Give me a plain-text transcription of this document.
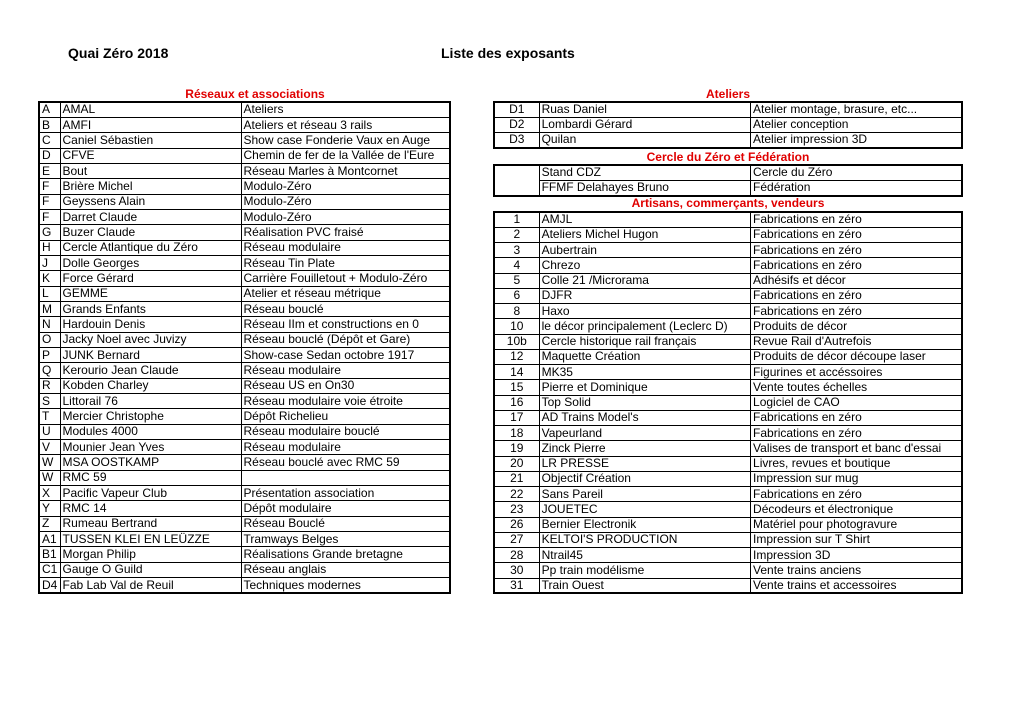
Quai Zéro 2018	Liste des exposants
Réseaux et associations
A	AMAL	Ateliers
B	AMFI	Ateliers et réseau 3 rails
C	Caniel Sébastien	Show case Fonderie Vaux en Auge
D	CFVE	Chemin de fer de la Vallée de l'Eure
E	Bout	Réseau Marles à Montcornet
F	Brière Michel	Modulo-Zéro
F	Geyssens Alain	Modulo-Zéro
F	Darret Claude	Modulo-Zéro
G	Buzer Claude	Réalisation PVC fraisé
H	Cercle Atlantique du Zéro	Réseau modulaire
J	Dolle Georges	Réseau Tin Plate
K	Force Gérard	Carrière Fouilletout + Modulo-Zéro
L	GEMME	Atelier et réseau métrique
M	Grands Enfants	Réseau bouclé
N	Hardouin Denis	Réseau IIm et constructions en 0
O	Jacky Noel avec Juvizy	Réseau bouclé (Dépôt et Gare)
P	JUNK Bernard	Show-case Sedan octobre 1917
Q	Kerourio Jean Claude	Réseau modulaire
R	Kobden Charley	Réseau US en On30
S	Littorail 76	Réseau modulaire voie étroite
T	Mercier Christophe	Dépôt Richelieu
U	Modules 4000	Réseau modulaire bouclé
V	Mounier Jean Yves	Réseau modulaire
W	MSA OOSTKAMP	Réseau bouclé avec RMC 59
W	RMC 59	
X	Pacific Vapeur Club	Présentation association
Y	RMC 14	Dépôt modulaire
Z	Rumeau Bertrand	Réseau Bouclé
A1	TUSSEN KLEI EN LEÜZZE	Tramways Belges
B1	Morgan Philip	Réalisations Grande bretagne
C1	Gauge O Guild	Réseau anglais
D4	Fab Lab Val de Reuil	Techniques modernes
Ateliers
D1	Ruas Daniel	Atelier montage, brasure, etc...
D2	Lombardi Gérard	Atelier conception
D3	Quilan	Atelier impression 3D
Cercle du Zéro et Fédération
	Stand CDZ	Cercle du Zéro
	FFMF Delahayes Bruno	Fédération
Artisans, commerçants, vendeurs
1	AMJL	Fabrications en zéro
2	Ateliers Michel Hugon	Fabrications en zéro
3	Aubertrain	Fabrications en zéro
4	Chrezo	Fabrications en zéro
5	Colle 21 /Microrama	Adhésifs et décor
6	DJFR	Fabrications en zéro
8	Haxo	Fabrications en zéro
10	le décor principalement (Leclerc D)	Produits de décor
10b	Cercle historique rail français	Revue Rail d'Autrefois
12	Maquette Création	Produits de décor découpe laser
14	MK35	Figurines et accéssoires
15	Pierre et Dominique	Vente toutes échelles
16	Top Solid	Logiciel de CAO
17	AD Trains Model's	Fabrications en zéro
18	Vapeurland	Fabrications en zéro
19	Zinck Pierre	Valises de transport et banc d'essai
20	LR PRESSE	Livres, revues et boutique
21	Objectif Création	Impression sur mug
22	Sans Pareil	Fabrications en zéro
23	JOUETEC	Décodeurs et électronique
26	Bernier Electronik	Matériel pour photogravure
27	KELTOI'S PRODUCTION	Impression sur T Shirt
28	Ntrail45	Impression 3D
30	Pp train modélisme	Vente trains anciens
31	Train Ouest	Vente trains et accessoires
